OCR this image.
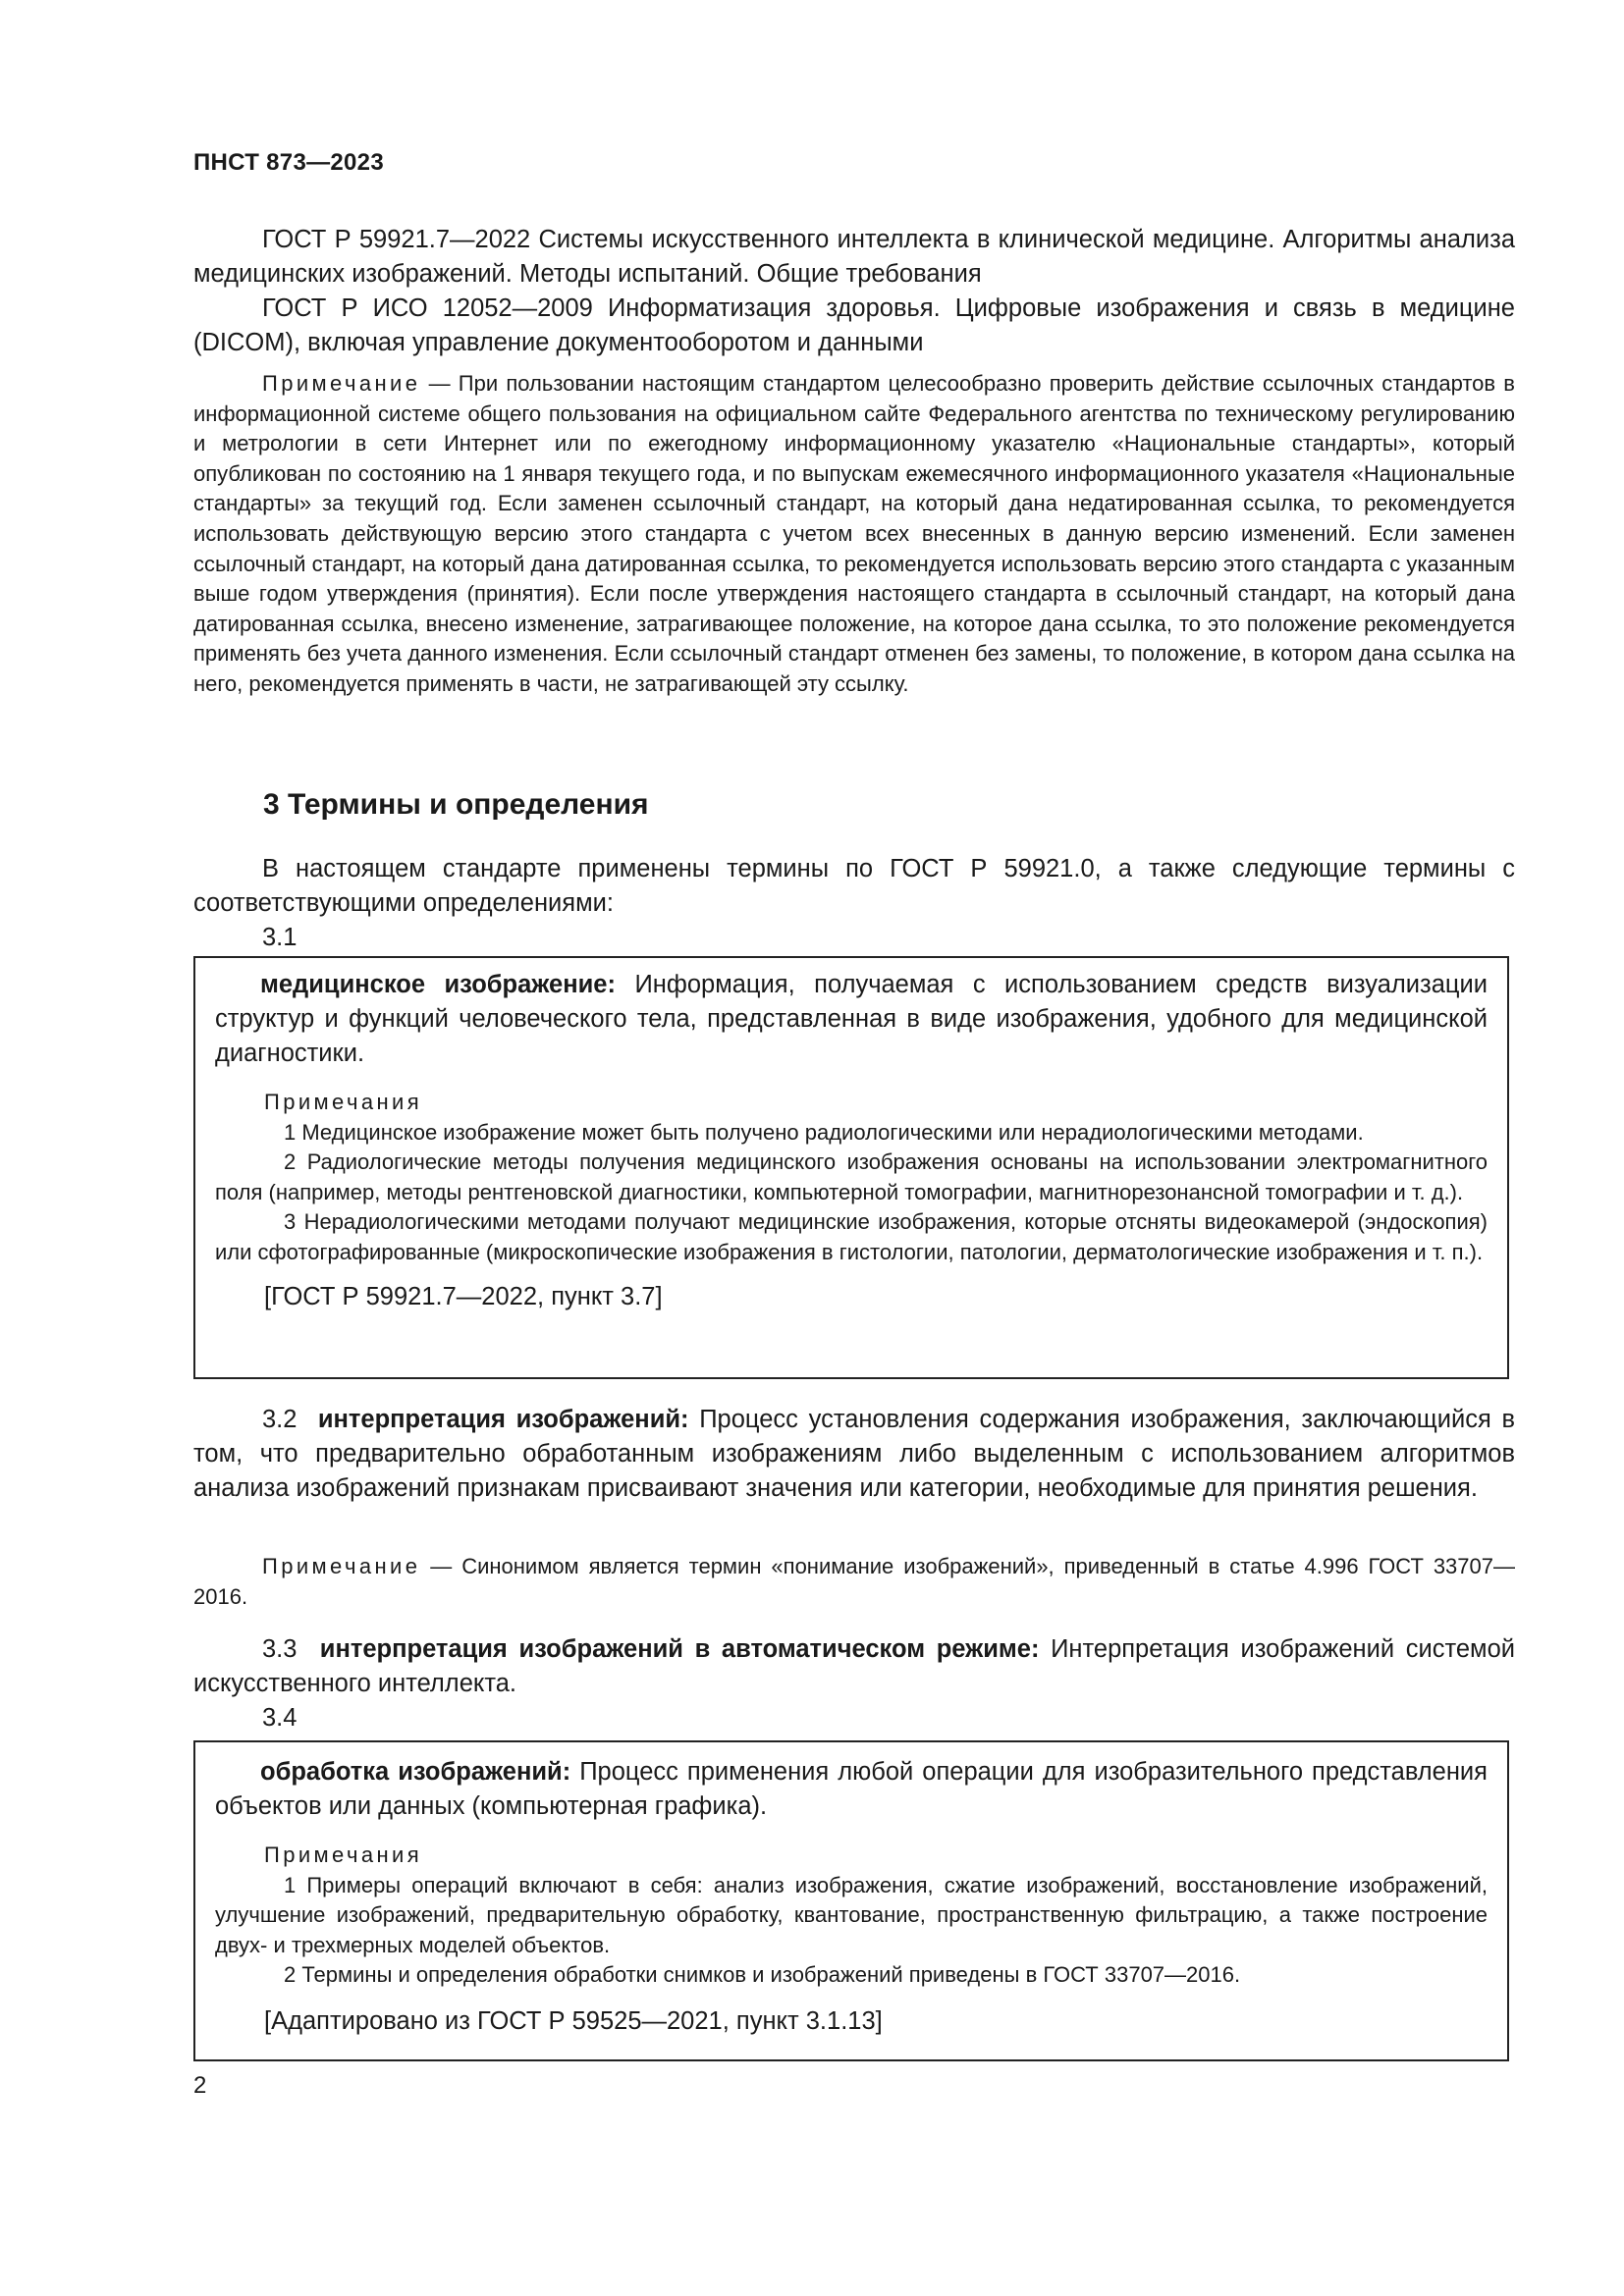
ПНСТ 873—2023

ГОСТ Р 59921.7—2022 Системы искусственного интеллекта в клинической медицине. Алгоритмы анализа медицинских изображений. Методы испытаний. Общие требования

ГОСТ Р ИСО 12052—2009 Информатизация здоровья. Цифровые изображения и связь в медицине (DICOM), включая управление документооборотом и данными

Примечание — При пользовании настоящим стандартом целесообразно проверить действие ссылочных стандартов в информационной системе общего пользования на официальном сайте Федерального агентства по техническому регулированию и метрологии в сети Интернет или по ежегодному информационному указателю «Национальные стандарты», который опубликован по состоянию на 1 января текущего года, и по выпускам ежемесячного информационного указателя «Национальные стандарты» за текущий год. Если заменен ссылочный стандарт, на который дана недатированная ссылка, то рекомендуется использовать действующую версию этого стандарта с учетом всех внесенных в данную версию изменений. Если заменен ссылочный стандарт, на который дана датированная ссылка, то рекомендуется использовать версию этого стандарта с указанным выше годом утверждения (принятия). Если после утверждения настоящего стандарта в ссылочный стандарт, на который дана датированная ссылка, внесено изменение, затрагивающее положение, на которое дана ссылка, то это положение рекомендуется применять без учета данного изменения. Если ссылочный стандарт отменен без замены, то положение, в котором дана ссылка на него, рекомендуется применять в части, не затрагивающей эту ссылку.

3 Термины и определения

В настоящем стандарте применены термины по ГОСТ Р 59921.0, а также следующие термины с соответствующими определениями:

3.1

медицинское изображение: Информация, получаемая с использованием средств визуализации структур и функций человеческого тела, представленная в виде изображения, удобного для медицинской диагностики.

Примечания

1 Медицинское изображение может быть получено радиологическими или нерадиологическими методами.

2 Радиологические методы получения медицинского изображения основаны на использовании электромагнитного поля (например, методы рентгеновской диагностики, компьютерной томографии, магнитнорезонансной томографии и т. д.).

3 Нерадиологическими методами получают медицинские изображения, которые отсняты видеокамерой (эндоскопия) или сфотографированные (микроскопические изображения в гистологии, патологии, дерматологические изображения и т. п.).

[ГОСТ Р 59921.7—2022, пункт 3.7]

3.2 интерпретация изображений: Процесс установления содержания изображения, заключающийся в том, что предварительно обработанным изображениям либо выделенным с использованием алгоритмов анализа изображений признакам присваивают значения или категории, необходимые для принятия решения.

Примечание — Синонимом является термин «понимание изображений», приведенный в статье 4.996 ГОСТ 33707—2016.

3.3 интерпретация изображений в автоматическом режиме: Интерпретация изображений системой искусственного интеллекта.

3.4

обработка изображений: Процесс применения любой операции для изобразительного представления объектов или данных (компьютерная графика).

Примечания

1 Примеры операций включают в себя: анализ изображения, сжатие изображений, восстановление изображений, улучшение изображений, предварительную обработку, квантование, пространственную фильтрацию, а также построение двух- и трехмерных моделей объектов.

2 Термины и определения обработки снимков и изображений приведены в ГОСТ 33707—2016.

[Адаптировано из ГОСТ Р 59525—2021, пункт 3.1.13]

2
